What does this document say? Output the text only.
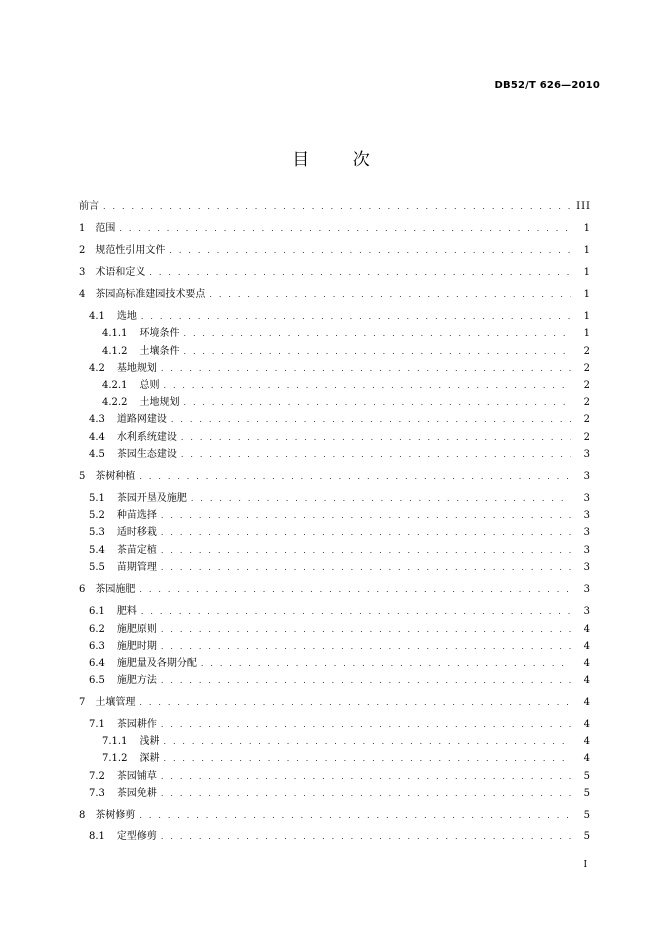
DB52/T 626—2010
目 次
前言 . . .	III
1 范围 . . .	1
2 规范性引用文件 . . .	1
3 术语和定义 . . .	1
4 茶园高标准建园技术要点 . . .	1
4.1 选地 . . .	1
4.1.1 环境条件 . . .	1
4.1.2 土壤条件 . . .	2
4.2 基地规划 . . .	2
4.2.1 总则 . . .	2
4.2.2 土地规划 . . .	2
4.3 道路网建设 . . .	2
4.4 水利系统建设 . . .	2
4.5 茶园生态建设 . . .	3
5 茶树种植 . . .	3
5.1 茶园开垦及施肥 . . .	3
5.2 种苗选择 . . .	3
5.3 适时移栽 . . .	3
5.4 茶苗定植 . . .	3
5.5 苗期管理 . . .	3
6 茶园施肥 . . .	3
6.1 肥料 . . .	3
6.2 施肥原则 . . .	4
6.3 施肥时期 . . .	4
6.4 施肥量及各期分配 . . .	4
6.5 施肥方法 . . .	4
7 土壤管理 . . .	4
7.1 茶园耕作 . . .	4
7.1.1 浅耕 . . .	4
7.1.2 深耕 . . .	4
7.2 茶园铺草 . . .	5
7.3 茶园免耕 . . .	5
8 茶树修剪 . . .	5
8.1 定型修剪 . . .	5
I
